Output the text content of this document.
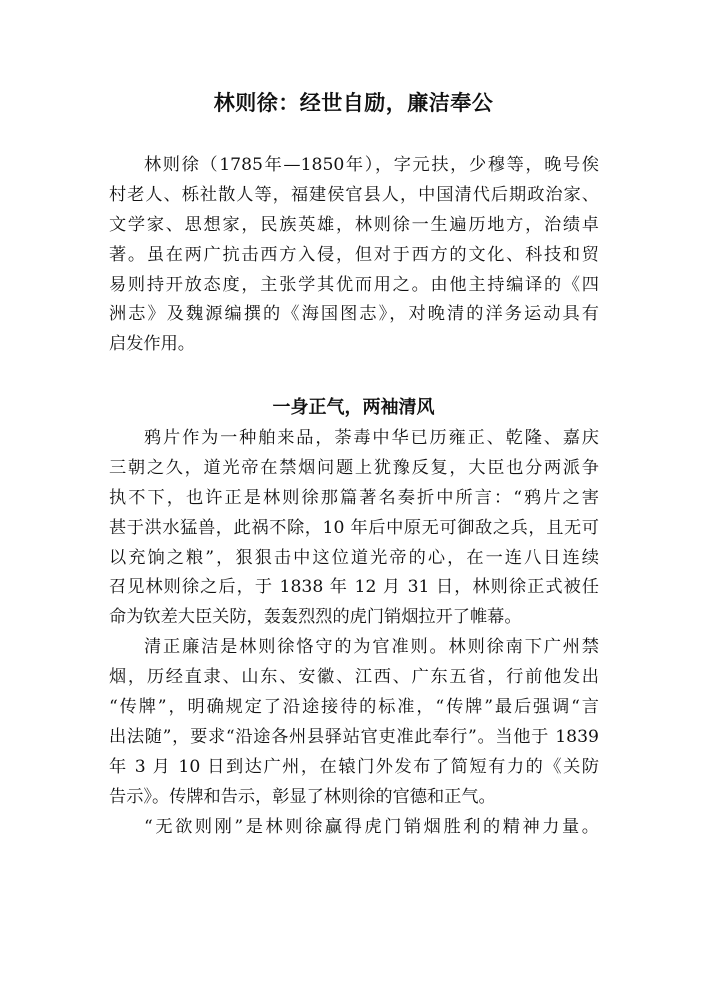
林则徐：经世自励，廉洁奉公
林则徐（1785年—1850年），字元扶，少穆等，晚号俟
村老人、栎社散人等，福建侯官县人，中国清代后期政治家、
文学家、思想家，民族英雄，林则徐一生遍历地方，治绩卓
著。虽在两广抗击西方入侵，但对于西方的文化、科技和贸
易则持开放态度，主张学其优而用之。由他主持编译的《四
洲志》及魏源编撰的《海国图志》，对晚清的洋务运动具有
启发作用。
一身正气，两袖清风
鸦片作为一种舶来品，荼毒中华已历雍正、乾隆、嘉庆
三朝之久，道光帝在禁烟问题上犹豫反复，大臣也分两派争
执不下，也许正是林则徐那篇著名奏折中所言：“鸦片之害
甚于洪水猛兽，此祸不除，10 年后中原无可御敌之兵，且无可
以充饷之粮”，狠狠击中这位道光帝的心，在一连八日连续
召见林则徐之后，于 1838 年 12 月 31 日，林则徐正式被任
命为钦差大臣关防，轰轰烈烈的虎门销烟拉开了帷幕。
清正廉洁是林则徐恪守的为官准则。林则徐南下广州禁
烟，历经直隶、山东、安徽、江西、广东五省，行前他发出
“传牌”，明确规定了沿途接待的标准，“传牌”最后强调“言
出法随”，要求“沿途各州县驿站官吏准此奉行”。当他于 1839
年 3 月 10 日到达广州，在辕门外发布了简短有力的《关防
告示》。传牌和告示，彰显了林则徐的官德和正气。
“无欲则刚”是林则徐赢得虎门销烟胜利的精神力量。
